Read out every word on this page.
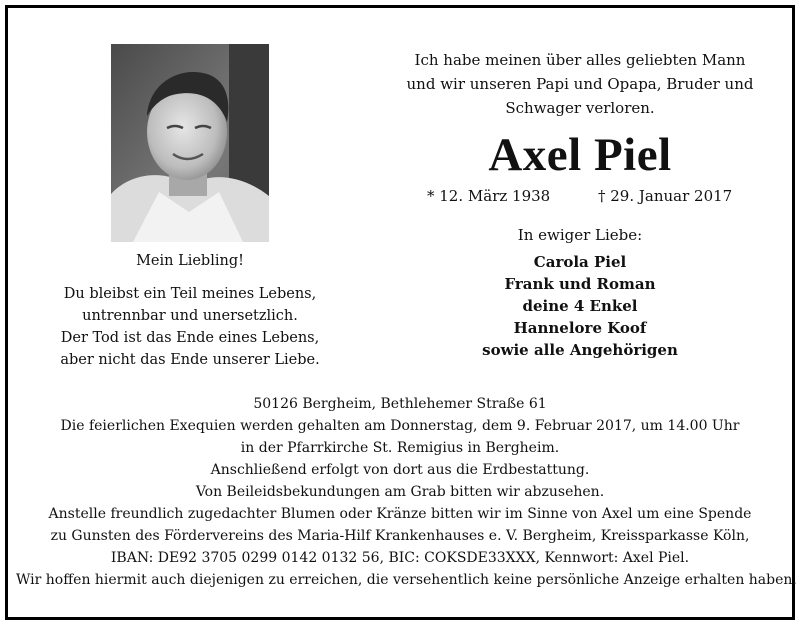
Mein Liebling!
Du bleibst ein Teil meines Lebens,
untrennbar und unersetzlich.
Der Tod ist das Ende eines Lebens,
aber nicht das Ende unserer Liebe.
Ich habe meinen über alles geliebten Mann
und wir unseren Papi und Opapa, Bruder und
Schwager verloren.
Axel Piel
* 12. März 1938	† 29. Januar 2017
In ewiger Liebe:
Carola Piel
Frank und Roman
deine 4 Enkel
Hannelore Koof
sowie alle Angehörigen
50126 Bergheim, Bethlehemer Straße 61
Die feierlichen Exequien werden gehalten am Donnerstag, dem 9. Februar 2017, um 14.00 Uhr
in der Pfarrkirche St. Remigius in Bergheim.
Anschließend erfolgt von dort aus die Erdbestattung.
Von Beileidsbekundungen am Grab bitten wir abzusehen.
Anstelle freundlich zugedachter Blumen oder Kränze bitten wir im Sinne von Axel um eine Spende
zu Gunsten des Fördervereins des Maria-Hilf Krankenhauses e. V. Bergheim, Kreissparkasse Köln,
IBAN: DE92 3705 0299 0142 0132 56, BIC: COKSDE33XXX, Kennwort: Axel Piel.
Wir hoffen hiermit auch diejenigen zu erreichen, die versehentlich keine persönliche Anzeige erhalten haben.
